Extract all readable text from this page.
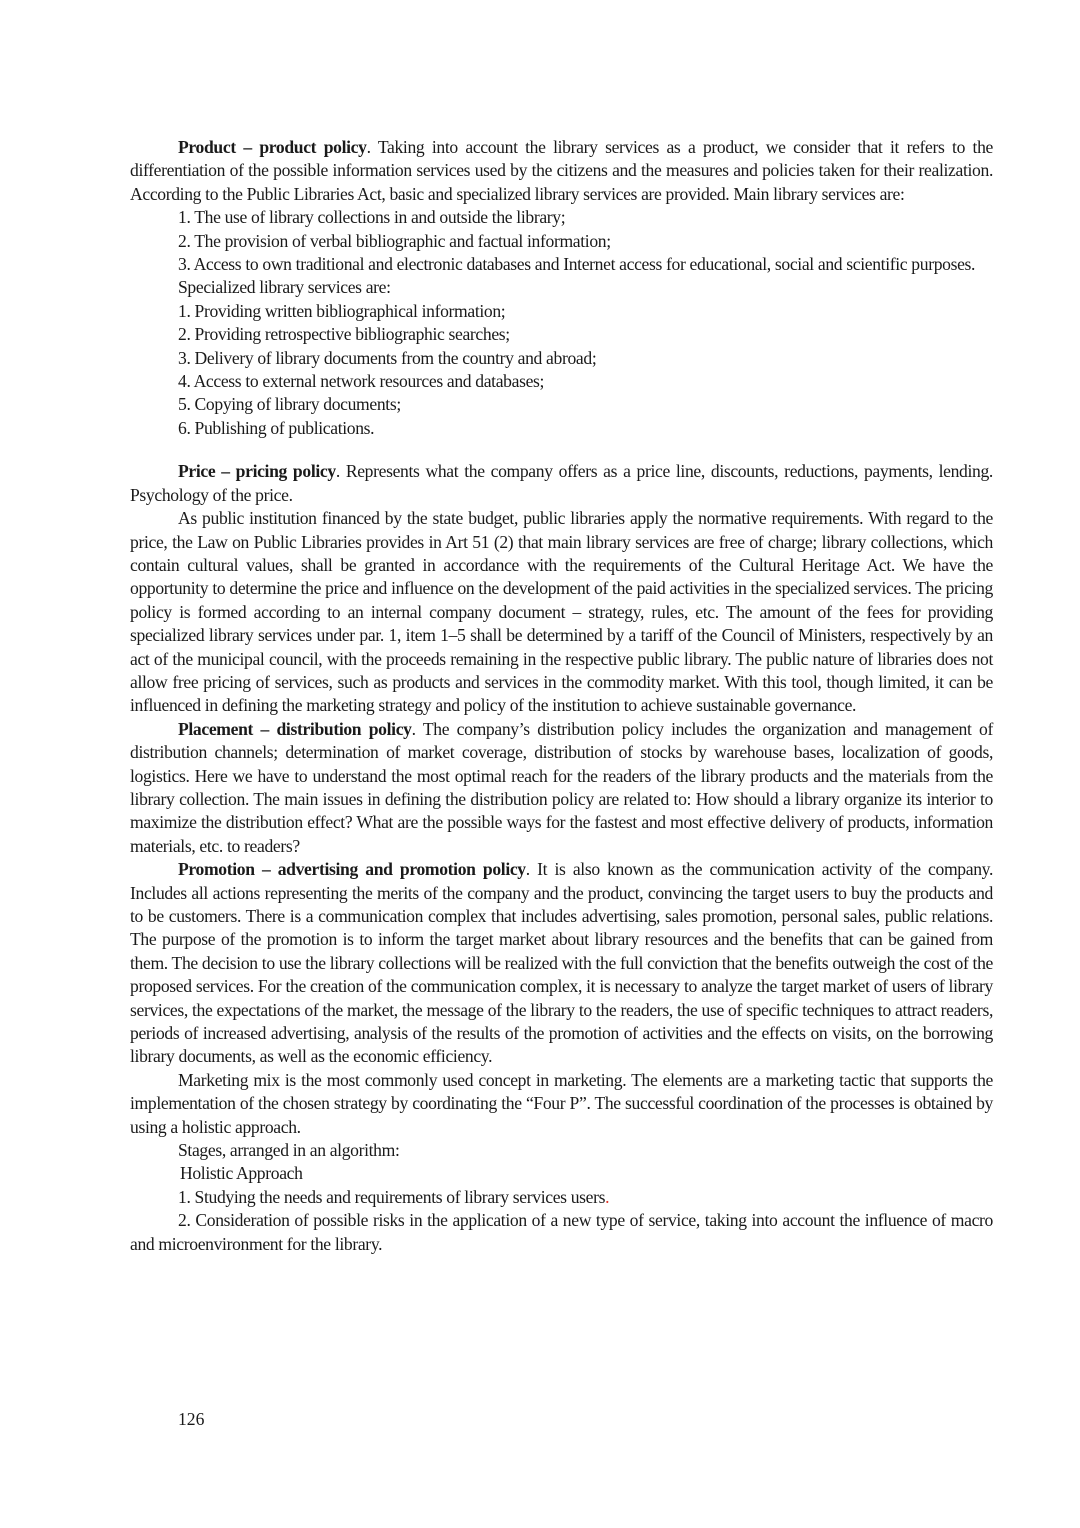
Product – product policy. Taking into account the library services as a product, we consider that it refers to the differentiation of the possible information services used by the citizens and the measures and policies taken for their realization. According to the Public Libraries Act, basic and specialized library services are provided. Main library services are:

1. The use of library collections in and outside the library;

2. The provision of verbal bibliographic and factual information;

3. Access to own traditional and electronic databases and Internet access for educational, social and scientific purposes.

Specialized library services are:

1. Providing written bibliographical information;

2. Providing retrospective bibliographic searches;

3. Delivery of library documents from the country and abroad;

4. Access to external network resources and databases;

5. Copying of library documents;

6. Publishing of publications.

Price – pricing policy. Represents what the company offers as a price line, discounts, reductions, payments, lending. Psychology of the price.

As public institution financed by the state budget, public libraries apply the normative requirements. With regard to the price, the Law on Public Libraries provides in Art 51 (2) that main library services are free of charge; library collections, which contain cultural values, shall be granted in accordance with the requirements of the Cultural Heritage Act. We have the opportunity to determine the price and influence on the development of the paid activities in the specialized services. The pricing policy is formed according to an internal company document – strategy, rules, etc. The amount of the fees for providing specialized library services under par. 1, item 1–5 shall be determined by a tariff of the Council of Ministers, respectively by an act of the municipal council, with the proceeds remaining in the respective public library. The public nature of libraries does not allow free pricing of services, such as products and services in the commodity market. With this tool, though limited, it can be influenced in defining the marketing strategy and policy of the institution to achieve sustainable governance.

Placement – distribution policy. The company’s distribution policy includes the organization and management of distribution channels; determination of market coverage, distribution of stocks by warehouse bases, localization of goods, logistics. Here we have to understand the most optimal reach for the readers of the library products and the materials from the library collection. The main issues in defining the distribution policy are related to: How should a library organize its interior to maximize the distribution effect? What are the possible ways for the fastest and most effective delivery of products, information materials, etc. to readers?

Promotion – advertising and promotion policy. It is also known as the communication activity of the company. Includes all actions representing the merits of the company and the product, convincing the target users to buy the products and to be customers. There is a communication complex that includes advertising, sales promotion, personal sales, public relations. The purpose of the promotion is to inform the target market about library resources and the benefits that can be gained from them. The decision to use the library collections will be realized with the full conviction that the benefits outweigh the cost of the proposed services. For the creation of the communication complex, it is necessary to analyze the target market of users of library services, the expectations of the market, the message of the library to the readers, the use of specific techniques to attract readers, periods of increased advertising, analysis of the results of the promotion of activities and the effects on visits, on the borrowing library documents, as well as the economic efficiency.

Marketing mix is the most commonly used concept in marketing. The elements are a marketing tactic that supports the implementation of the chosen strategy by coordinating the “Four P”. The successful coordination of the processes is obtained by using a holistic approach.

Stages, arranged in an algorithm:

Holistic Approach

1. Studying the needs and requirements of library services users.

2. Consideration of possible risks in the application of a new type of service, taking into account the influence of macro and microenvironment for the library.

126
